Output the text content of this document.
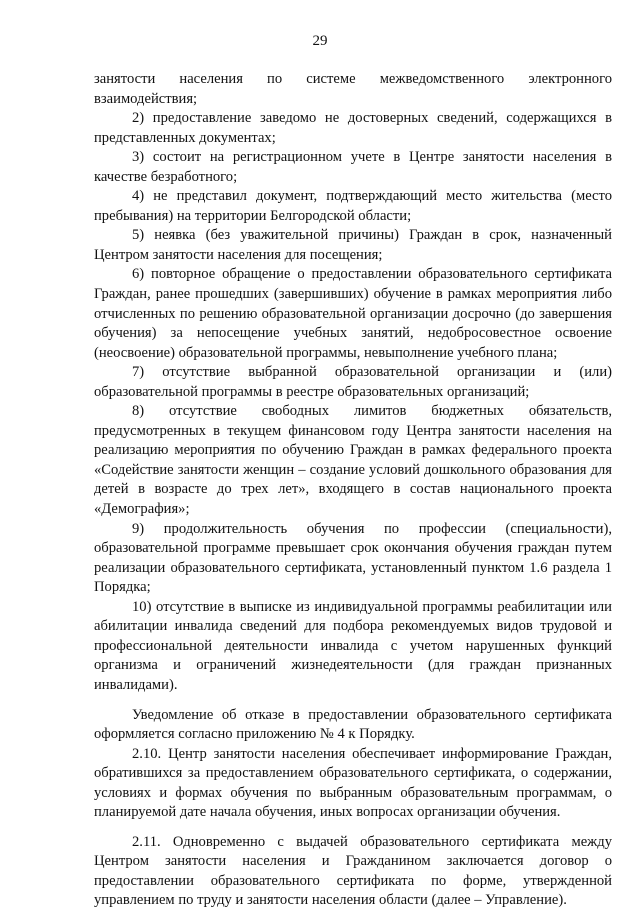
29

занятости населения по системе межведомственного электронного взаимодействия;

2) предоставление заведомо не достоверных сведений, содержащихся в представленных документах;

3) состоит на регистрационном учете в Центре занятости населения в качестве безработного;

4) не представил документ, подтверждающий место жительства (место пребывания) на территории Белгородской области;

5) неявка (без уважительной причины) Граждан в срок, назначенный Центром занятости населения для посещения;

6) повторное обращение о предоставлении образовательного сертификата Граждан, ранее прошедших (завершивших) обучение в рамках мероприятия либо отчисленных по решению образовательной организации досрочно (до завершения обучения) за непосещение учебных занятий, недобросовестное освоение (неосвоение) образовательной программы, невыполнение учебного плана;

7) отсутствие выбранной образовательной организации и (или) образовательной программы в реестре образовательных организаций;

8) отсутствие свободных лимитов бюджетных обязательств, предусмотренных в текущем финансовом году Центра занятости населения на реализацию мероприятия по обучению Граждан в рамках федерального проекта «Содействие занятости женщин – создание условий дошкольного образования для детей в возрасте до трех лет», входящего в состав национального проекта «Демография»;

9) продолжительность обучения по профессии (специальности), образовательной программе превышает срок окончания обучения граждан путем реализации образовательного сертификата, установленный пунктом 1.6 раздела 1 Порядка;

10) отсутствие в выписке из индивидуальной программы реабилитации или абилитации инвалида сведений для подбора рекомендуемых видов трудовой и профессиональной деятельности инвалида с учетом нарушенных функций организма и ограничений жизнедеятельности (для граждан признанных инвалидами).

Уведомление об отказе в предоставлении образовательного сертификата оформляется согласно приложению № 4 к Порядку.

2.10. Центр занятости населения обеспечивает информирование Граждан, обратившихся за предоставлением образовательного сертификата, о содержании, условиях и формах обучения по выбранным образовательным программам, о планируемой дате начала обучения, иных вопросах организации обучения.

2.11. Одновременно с выдачей образовательного сертификата между Центром занятости населения и Гражданином заключается договор о предоставлении образовательного сертификата по форме, утвержденной управлением по труду и занятости населения области (далее – Управление).
